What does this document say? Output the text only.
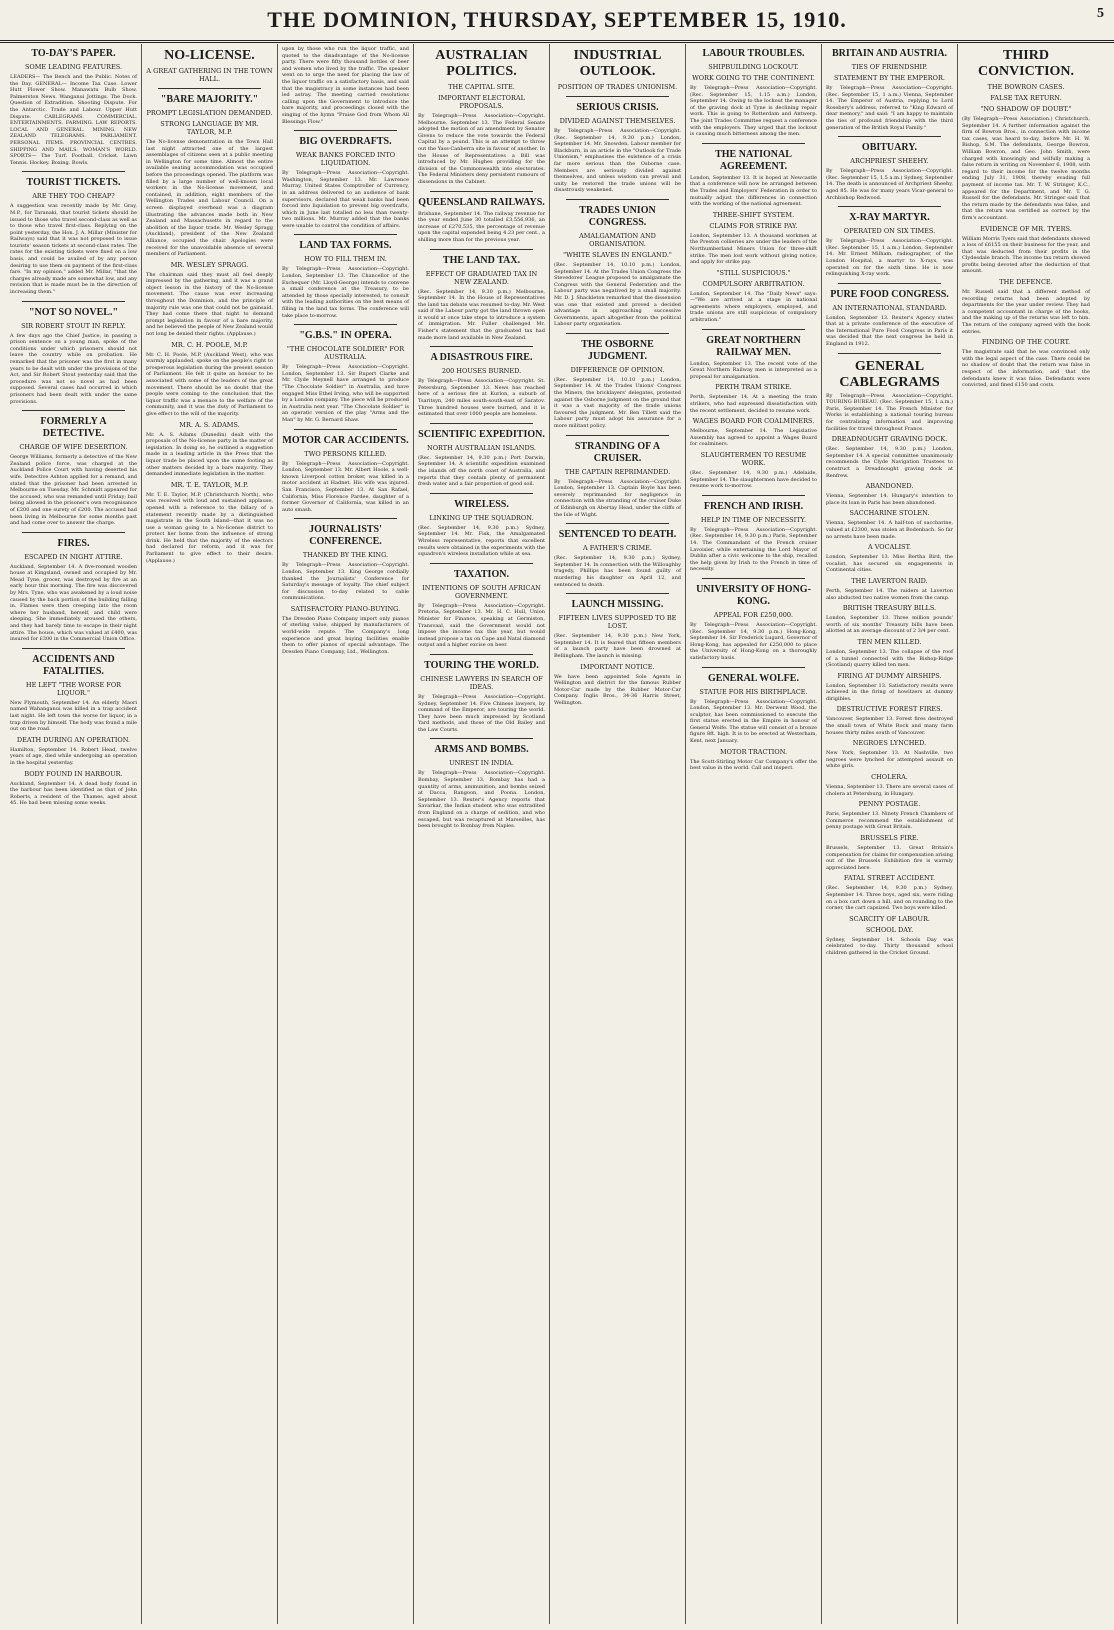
THE DOMINION, THURSDAY, SEPTEMBER 15, 1910.	5
TO-DAY'S PAPER.
SOME LEADING FEATURES.
LEADERS— The Bench and the Public. Notes of the Day. GENERAL— Income Tax Case. Lower Hutt Flower Show. Manawatu Bulb Show. Palmerston News. Wanganui Jottings. The Dock. Question of Extradition. Shooting Dispute. For the Antarctic. Trade and Labour. Upper Hutt Dispute. CABLEGRAMS. COMMERCIAL. ENTERTAINMENTS. FARMING. LAW REPORTS. LOCAL AND GENERAL. MINING. NEW ZEALAND TELEGRAMS. PARLIAMENT. PERSONAL ITEMS. PROVINCIAL CENTRES. SHIPPING AND MAILS. WOMAN'S WORLD. SPORTS— The Turf. Football. Cricket. Lawn Tennis. Hockey. Boxing. Bowls.
TOURIST TICKETS.
ARE THEY TOO CHEAP?
A suggestion was recently made by Mr. Gray, M.P., for Taranaki, that tourist tickets should be issued to those who travel second-class as well as to those who travel first-class. Replying on the point yesterday, the Hon. J. A. Millar (Minister for Railways) said that it was not proposed to issue tourists' season tickets at second-class rates. The rates for the existing tickets were fixed on a low basis, and could be availed of by any person desiring to use them on payment of the first-class fare. "In my opinion," added Mr. Millar, "that the charges already made are somewhat low, and any revision that is made must be in the direction of increasing them."
"NOT SO NOVEL."
SIR ROBERT STOUT IN REPLY.
A few days ago the Chief Justice, in passing a prison sentence on a young man, spoke of the conditions under which prisoners should not leave the country while on probation. He remarked that the prisoner was the first in many years to be dealt with under the provisions of the Act, and Sir Robert Stout yesterday said that the procedure was not so novel as had been supposed. Several cases had occurred in which prisoners had been dealt with under the same provisions.
FORMERLY A DETECTIVE.
CHARGE OF WIFE DESERTION.
George Williams, formerly a detective of the New Zealand police force, was charged at the Auckland Police Court with having deserted his wife. Detective Ashton applied for a remand, and stated that the prisoner had been arrested in Melbourne on Tuesday. Mr. Schmidt appeared for the accused, who was remanded until Friday; bail being allowed in the prisoner's own recognisance of £200 and one surety of £200. The accused had been living in Melbourne for some months past and had come over to answer the charge.
FIRES.
ESCAPED IN NIGHT ATTIRE.
Auckland, September 14. A five-roomed wooden house at Kingsland, owned and occupied by Mr. Mead Tyne, grocer, was destroyed by fire at an early hour this morning. The fire was discovered by Mrs. Tyne, who was awakened by a loud noise caused by the back portion of the building falling in. Flames were then creeping into the room where her husband, herself, and child were sleeping. She immediately aroused the others, and they had barely time to escape in their night attire. The house, which was valued at £400, was insured for £300 in the Commercial Union Office.
ACCIDENTS AND FATALITIES.
HE LEFT "THE WORSE FOR LIQUOR."
New Plymouth, September 14. An elderly Maori named Wahanganui was killed in a trap accident last night. He left town the worse for liquor, in a trap driven by himself. The body was found a mile out on the road.
DEATH DURING AN OPERATION.
Hamilton, September 14. Robert Head, twelve years of age, died while undergoing an operation in the hospital yesterday.
BODY FOUND IN HARBOUR.
Auckland, September 14. A dead body found in the harbour has been identified as that of John Roberts, a resident of the Thames, aged about 45. He had been missing some weeks.
NO-LICENSE.
A GREAT GATHERING IN THE TOWN HALL.
"BARE MAJORITY."
PROMPT LEGISLATION DEMANDED.
STRONG LANGUAGE BY MR. TAYLOR, M.P.
The No-license demonstration in the Town Hall last night attracted one of the largest assemblages of citizens seen at a public meeting in Wellington for some time. Almost the entire available seating accommodation was occupied before the proceedings opened. The platform was filled by a large number of well-known local workers in the No-license movement, and contained, in addition, eight members of the Wellington Trades and Labour Council. On a screen displayed overhead was a diagram illustrating the advances made both in New Zealand and Massachusetts in regard to the abolition of the liquor trade. Mr. Wesley Spragg (Auckland), president of the New Zealand Alliance, occupied the chair. Apologies were received for the unavoidable absence of several members of Parliament.
MR. WESLEY SPRAGG.
The chairman said they must all feel deeply impressed by the gathering, and it was a grand object lesson in the history of the No-license movement. The cause was ever increasing throughout the Dominion, and the principle of majority rule was one that could not be gainsaid. They had come there that night to demand prompt legislation in favour of a bare majority, and he believed the people of New Zealand would not long be denied their rights. (Applause.)
MR. C. H. POOLE, M.P.
Mr. C. H. Poole, M.P. (Auckland West), who was warmly applauded, spoke on the people's right to prosperous legislation during the present session of Parliament. He felt it quite an honour to be associated with some of the leaders of the great movement. There should be no doubt that the people were coming to the conclusion that the liquor traffic was a menace to the welfare of the community, and it was the duty of Parliament to give effect to the will of the majority.
MR. A. S. ADAMS.
Mr. A. S. Adams (Dunedin) dealt with the proposals of the No-license party in the matter of legislation. In doing so, he outlined a suggestion made in a leading article in the Press that the liquor trade be placed upon the same footing as other matters decided by a bare majority. They demanded immediate legislation in the matter.
MR. T. E. TAYLOR, M.P.
Mr. T. E. Taylor, M.P. (Christchurch North), who was received with loud and sustained applause, opened with a reference to the fallacy of a statement recently made by a distinguished magistrate in the South Island—that it was no use a woman going to a No-license district to protect her home from the influence of strong drink. He held that the majority of the electors had declared for reform, and it was for Parliament to give effect to their desire. (Applause.)
upon by those who run the liquor traffic, and quoted to the disadvantage of the No-license party. There were fifty thousand bottles of beer and women who lived by the traffic. The speaker went on to urge the need for placing the law of the liquor traffic on a satisfactory basis, and said that the magistracy in some instances had been led astray. The meeting carried resolutions calling upon the Government to introduce the bare majority, and proceedings closed with the singing of the hymn "Praise God from Whom All Blessings Flow."
BIG OVERDRAFTS.
WEAK BANKS FORCED INTO LIQUIDATION.
By Telegraph—Press Association—Copyright. Washington, September 13. Mr. Lawrence Murray, United States Comptroller of Currency, in an address delivered to an audience of bank supervisors, declared that weak banks had been forced into liquidation to prevent big overdrafts, which in June last totalled no less than twenty-two millions. Mr. Murray added that the banks were unable to control the condition of affairs.
LAND TAX FORMS.
HOW TO FILL THEM IN.
By Telegraph—Press Association—Copyright. London, September 13. The Chancellor of the Exchequer (Mr. Lloyd-George) intends to convene a small conference at the Treasury, to be attended by those specially interested, to consult with the leading authorities on the best means of filling in the land tax forms. The conference will take place to-morrow.
"G.B.S." IN OPERA.
"THE CHOCOLATE SOLDIER" FOR AUSTRALIA.
By Telegraph—Press Association—Copyright. London, September 13. Sir Rupert Clarke and Mr. Clyde Meynell have arranged to produce "The Chocolate Soldier" in Australia, and have engaged Miss Ethel Irving, who will be supported by a London company. The piece will be produced in Australia next year. "The Chocolate Soldier" is an operatic version of the play "Arms and the Man" by Mr. G. Bernard Shaw.
MOTOR CAR ACCIDENTS.
TWO PERSONS KILLED.
By Telegraph—Press Association—Copyright. London, September 13. Mr. Albert Hoole, a well-known Liverpool cotton broker, was killed in a motor accident at Hadnet. His wife was injured. San Francisco, September 13. At San Rafael, California, Miss Florence Pardee, daughter of a former Governor of California, was killed in an auto smash.
JOURNALISTS' CONFERENCE.
THANKED BY THE KING.
By Telegraph—Press Association—Copyright. London, September 13. King George cordially thanked the Journalists' Conference for Saturday's message of loyalty. The chief subject for discussion to-day related to cable communications.
SATISFACTORY PIANO-BUYING.
The Dresden Piano Company import only pianos of sterling value, shipped by manufacturers of world-wide repute. The Company's long experience and great buying facilities enable them to offer pianos of special advantage. The Dresden Piano Company, Ltd., Wellington.
AUSTRALIAN POLITICS.
THE CAPITAL SITE.
IMPORTANT ELECTORAL PROPOSALS.
By Telegraph—Press Association—Copyright. Melbourne, September 13. The Federal Senate adopted the motion of an amendment by Senator Givens to reduce the vote towards the Federal Capital by a pound. This is an attempt to throw out the Yass-Canberra site in favour of another. In the House of Representatives a Bill was introduced by Mr. Hughes providing for the division of the Commonwealth into electorates. The Federal Ministers deny persistent rumours of dissensions in the Cabinet.
QUEENSLAND RAILWAYS.
Brisbane, September 14. The railway revenue for the year ended June 30 totalled £3,556,936, an increase of £270,535, the percentage of revenue upon the capital expended being 4.23 per cent., a shilling more than for the previous year.
THE LAND TAX.
EFFECT OF GRADUATED TAX IN NEW ZEALAND.
(Rec. September 14, 9.30 p.m.) Melbourne, September 14. In the House of Representatives the land tax debate was resumed to-day. Mr. West said if the Labour party got the land thrown open it would at once take steps to introduce a system of immigration. Mr. Fuller challenged Mr. Fisher's statement that the graduated tax had made more land available in New Zealand.
A DISASTROUS FIRE.
200 HOUSES BURNED.
By Telegraph—Press Association—Copyright. St. Petersburg, September 13. News has reached here of a serious fire at Kurlon, a suburb of Tsaritsyn, 240 miles south-south-east of Saratov. Three hundred houses were burned, and it is estimated that over 1000 people are homeless.
SCIENTIFIC EXPEDITION.
NORTH AUSTRALIAN ISLANDS.
(Rec. September 14, 9.30 p.m.) Port Darwin, September 14. A scientific expedition examined the islands off the north coast of Australia, and reports that they contain plenty of permanent fresh water and a fair proportion of good soil.
WIRELESS.
LINKING UP THE SQUADRON.
(Rec. September 14, 9.30 p.m.) Sydney, September 14. Mr. Fisk, the Amalgamated Wireless representative, reports that excellent results were obtained in the experiments with the squadron's wireless installation while at sea.
TAXATION.
INTENTIONS OF SOUTH AFRICAN GOVERNMENT.
By Telegraph—Press Association—Copyright. Pretoria, September 13. Mr. H. C. Hull, Union Minister for Finance, speaking at Germiston, Transvaal, said the Government would not impose the income tax this year, but would instead propose a tax on Cape and Natal diamond output and a higher excise on beer.
TOURING THE WORLD.
CHINESE LAWYERS IN SEARCH OF IDEAS.
By Telegraph—Press Association—Copyright. Sydney, September 14. Five Chinese lawyers, by command of the Emperor, are touring the world. They have been much impressed by Scotland Yard methods, and those of the Old Bailey and the Law Courts.
ARMS AND BOMBS.
UNREST IN INDIA.
By Telegraph—Press Association—Copyright. Bombay, September 13. Bombay has had a quantity of arms, ammunition, and bombs seized at Dacca, Rangoon, and Poona. London, September 13. Reuter's Agency reports that Savarkar, the Indian student who was extradited from England on a charge of sedition, and who escaped, but was recaptured at Marseilles, has been brought to Bombay from Naples.
INDUSTRIAL OUTLOOK.
POSITION OF TRADES UNIONISM.
SERIOUS CRISIS.
DIVIDED AGAINST THEMSELVES.
By Telegraph—Press Association—Copyright. (Rec. September 14, 9.30 p.m.) London, September 14. Mr. Snowden, Labour member for Blackburn, in an article in the "Outlook for Trade Unionism," emphasises the existence of a crisis far more serious than the Osborne case. Members are seriously divided against themselves, and unless wisdom can prevail and unity be restored the trade unions will be disastrously weakened.
TRADES UNION CONGRESS.
AMALGAMATION AND ORGANISATION.
"WHITE SLAVES IN ENGLAND."
(Rec. September 14, 10.10 p.m.) London, September 14. At the Trades Union Congress the Stevedores' League proposed to amalgamate the Congress with the General Federation and the Labour party was negatived by a small majority. Mr. D. J. Shackleton remarked that the dissension was one that existed and proved a decided advantage in approaching successive Governments, apart altogether from the political Labour party organisation.
THE OSBORNE JUDGMENT.
DIFFERENCE OF OPINION.
(Rec. September 14, 10.10 p.m.) London, September 14. At the Trades Unions' Congress the Miners, the bricklayers' delegates, protested against the Osborne judgment on the ground that it was a vast majority of the trade unions favoured the judgment. Mr. Ben Tillett said the Labour party must adopt his assurance for a more militant policy.
STRANDING OF A CRUISER.
THE CAPTAIN REPRIMANDED.
By Telegraph—Press Association—Copyright. London, September 13. Captain Boyle has been severely reprimanded for negligence in connection with the stranding of the cruiser Duke of Edinburgh on Abertay Head, under the cliffs of the Isle of Wight.
SENTENCED TO DEATH.
A FATHER'S CRIME.
(Rec. September 14, 9.30 p.m.) Sydney, September 14. In connection with the Willoughby tragedy, Phillips has been found guilty of murdering his daughter on April 12, and sentenced to death.
LAUNCH MISSING.
FIFTEEN LIVES SUPPOSED TO BE LOST.
(Rec. September 14, 9.30 p.m.) New York, September 14. It is feared that fifteen members of a launch party have been drowned at Bellingham. The launch is missing.
IMPORTANT NOTICE.
We have been appointed Sole Agents in Wellington and district for the famous Rubber Motor-Car made by the Rubber Motor-Car Company. Inglis Bros., 34-36 Harris Street, Wellington.
LABOUR TROUBLES.
SHIPBUILDING LOCKOUT.
WORK GOING TO THE CONTINENT.
By Telegraph—Press Association—Copyright. (Rec. September 15, 1.15 a.m.) London, September 14. Owing to the lockout the manager of the graving dock at Tyne is declining repair work. This is going to Rotterdam and Antwerp. The joint Trades Committee request a conference with the employers. They urged that the lockout is causing much bitterness among the men.
THE NATIONAL AGREEMENT.
London, September 13. It is hoped at Newcastle that a conference will now be arranged between the Trades and Employers' Federation in order to mutually adjust the differences in connection with the working of the national agreement.
THREE-SHIFT SYSTEM.
CLAIMS FOR STRIKE PAY.
London, September 13. A thousand workmen at the Preston collieries are under the leaders of the Northumberland Miners Union for three-shift strike. The men lost work without giving notice, and apply for strike pay.
"STILL SUSPICIOUS."
COMPULSORY ARBITRATION.
London, September 14. The "Daily News" says:—"We are arrived at a stage in national agreements where employers, employed, and trade unions are still suspicious of compulsory arbitration."
GREAT NORTHERN RAILWAY MEN.
London, September 13. The recent vote of the Great Northern Railway men is interpreted as a proposal for amalgamation.
PERTH TRAM STRIKE.
Perth, September 14. At a meeting the tram strikers, who had expressed dissatisfaction with the recent settlement, decided to resume work.
WAGES BOARD FOR COALMINERS.
Melbourne, September 14. The Legislative Assembly has agreed to appoint a Wages Board for coalminers.
SLAUGHTERMEN TO RESUME WORK.
(Rec. September 14, 9.30 p.m.) Adelaide, September 14. The slaughtermen have decided to resume work to-morrow.
FRENCH AND IRISH.
HELP IN TIME OF NECESSITY.
By Telegraph—Press Association—Copyright. (Rec. September 14, 9.30 p.m.) Paris, September 14. The Commandant of the French cruiser Lavoisier, while entertaining the Lord Mayor of Dublin after a civic welcome to the ship, recalled the help given by Irish to the French in time of necessity.
UNIVERSITY OF HONG-KONG.
APPEAL FOR £250,000.
By Telegraph—Press Association—Copyright. (Rec. September 14, 9.30 p.m.) Hong-Kong, September 14. Sir Frederick Lugard, Governor of Hong-Kong, has appealed for £250,000 to place the University of Hong-Kong on a thoroughly satisfactory basis.
GENERAL WOLFE.
STATUE FOR HIS BIRTHPLACE.
By Telegraph—Press Association—Copyright. London, September 13. Mr. Derwent Wood, the sculptor, has been commissioned to execute the first statue erected in the Empire in honour of General Wolfe. The statue will consist of a bronze figure 8ft. high. It is to be erected at Westerham, Kent, next January.
MOTOR TRACTION.
The Scott-Stirling Motor Car Company's offer the best value in the world. Call and inspect.
BRITAIN AND AUSTRIA.
TIES OF FRIENDSHIP.
STATEMENT BY THE EMPEROR.
By Telegraph—Press Association—Copyright. (Rec. September 15, 1 a.m.) Vienna, September 14. The Emperor of Austria, replying to Lord Rosebery's address, referred to "King Edward of dear memory," and said: "I am happy to maintain the ties of profound friendship with the third generation of the British Royal Family."
OBITUARY.
ARCHPRIEST SHEEHY.
By Telegraph—Press Association—Copyright. (Rec. September 15, 1.5 a.m.) Sydney, September 14. The death is announced of Archpriest Sheehy, aged 85. He was for many years Vicar-general to Archbishop Redwood.
X-RAY MARTYR.
OPERATED ON SIX TIMES.
By Telegraph—Press Association—Copyright. (Rec. September 15, 1 a.m.) London, September 14. Mr. Ernest Milham, radiographer, of the London Hospital, a martyr to X-rays, was operated on for the sixth time. He is now relinquishing X-ray work.
PURE FOOD CONGRESS.
AN INTERNATIONAL STANDARD.
London, September 13. Reuter's Agency states that at a private conference of the executive of the International Pure Food Congress in Paris it was decided that the next congress be held in England in 1912.
GENERAL CABLEGRAMS
By Telegraph—Press Association—Copyright. TOURING BUREAU. (Rec. September 15, 1 a.m.) Paris, September 14. The French Minister for Works is establishing a national touring bureau for centralising information and improving facilities for travel throughout France.
DREADNOUGHT GRAVING DOCK.
(Rec. September 14, 9.30 p.m.) London, September 14. A special committee unanimously recommends the Clyde Navigation Trustees to construct a Dreadnought graving dock at Renfrew.
ABANDONED.
Vienna, September 14. Hungary's intention to place its loan in Paris has been abandoned.
SACCHARINE STOLEN.
Vienna, September 14. A half-ton of saccharine, valued at £2300, was stolen at Bodenbach. So far no arrests have been made.
A VOCALIST.
London, September 13. Miss Bertha Bird, the vocalist, has secured six engagements in Continental cities.
THE LAVERTON RAID.
Perth, September 14. The raiders at Laverton also abducted two native women from the camp.
BRITISH TREASURY BILLS.
London, September 13. Three million pounds' worth of six months' Treasury bills have been allotted at an average discount of 2 3/4 per cent.
TEN MEN KILLED.
London, September 13. The collapse of the roof of a tunnel connected with the Bishop-Ridge (Scotland) quarry killed ten men.
FIRING AT DUMMY AIRSHIPS.
London, September 13. Satisfactory results were achieved in the firing of howitzers at dummy dirigibles.
DESTRUCTIVE FOREST FIRES.
Vancouver, September 13. Forest fires destroyed the small town of White Rock and many farm houses thirty miles south of Vancouver.
NEGROES LYNCHED.
New York, September 13. At Nashville, two negroes were lynched for attempted assault on white girls.
CHOLERA.
Vienna, September 13. There are several cases of cholera at Petersburg, in Hungary.
PENNY POSTAGE.
Paris, September 13. Ninety French Chambers of Commerce recommend the establishment of penny postage with Great Britain.
BRUSSELS FIRE.
Brussels, September 13. Great Britain's compensation for claims for compensation arising out of the Brussels Exhibition fire is warmly appreciated here.
FATAL STREET ACCIDENT.
(Rec. September 14, 9.30 p.m.) Sydney, September 14. Three boys, aged six, were riding on a box cart down a hill, and on rounding to the corner, the cart capsized. Two boys were killed.
SCARCITY OF LABOUR.
SCHOOL DAY.
Sydney, September 14. Schools Day was celebrated to-day. Thirty thousand school children gathered in the Cricket Ground.
THIRD CONVICTION.
THE BOWRON CASES.
FALSE TAX RETURN.
"NO SHADOW OF DOUBT."
(By Telegraph—Press Association.) Christchurch, September 14. A further information against the firm of Bowron Bros., in connection with income tax cases, was heard to-day, before Mr. H. W. Bishop, S.M. The defendants, George Bowron, William Bowron, and Geo. John Smith, were charged with knowingly and wilfully making a false return in writing on November 6, 1908, with regard to their income for the twelve months ending July 31, 1908, thereby evading full payment of income tax. Mr. T. W. Stringer, K.C., appeared for the Department, and Mr. T. G. Russell for the defendants. Mr. Stringer said that the return made by the defendants was false, and that the return was certified as correct by the firm's accountant.
EVIDENCE OF MR. TYERS.
William Morris Tyers said that defendants showed a loss of £6155 on their business for the year, and that was deducted from their profits in the Clydesdale branch. The income tax return showed profits being devoted after the deduction of that amount.
THE DEFENCE.
Mr. Russell said that a different method of recording returns had been adopted by departments for the year under review. They had a competent accountant in charge of the books, and the making up of the returns was left to him. The return of the company agreed with the book entries.
FINDING OF THE COURT.
The magistrate said that he was convinced only with the legal aspect of the case. There could be no shadow of doubt that the return was false in respect of the information, and that the defendants knew it was false. Defendants were convicted, and fined £150 and costs.
